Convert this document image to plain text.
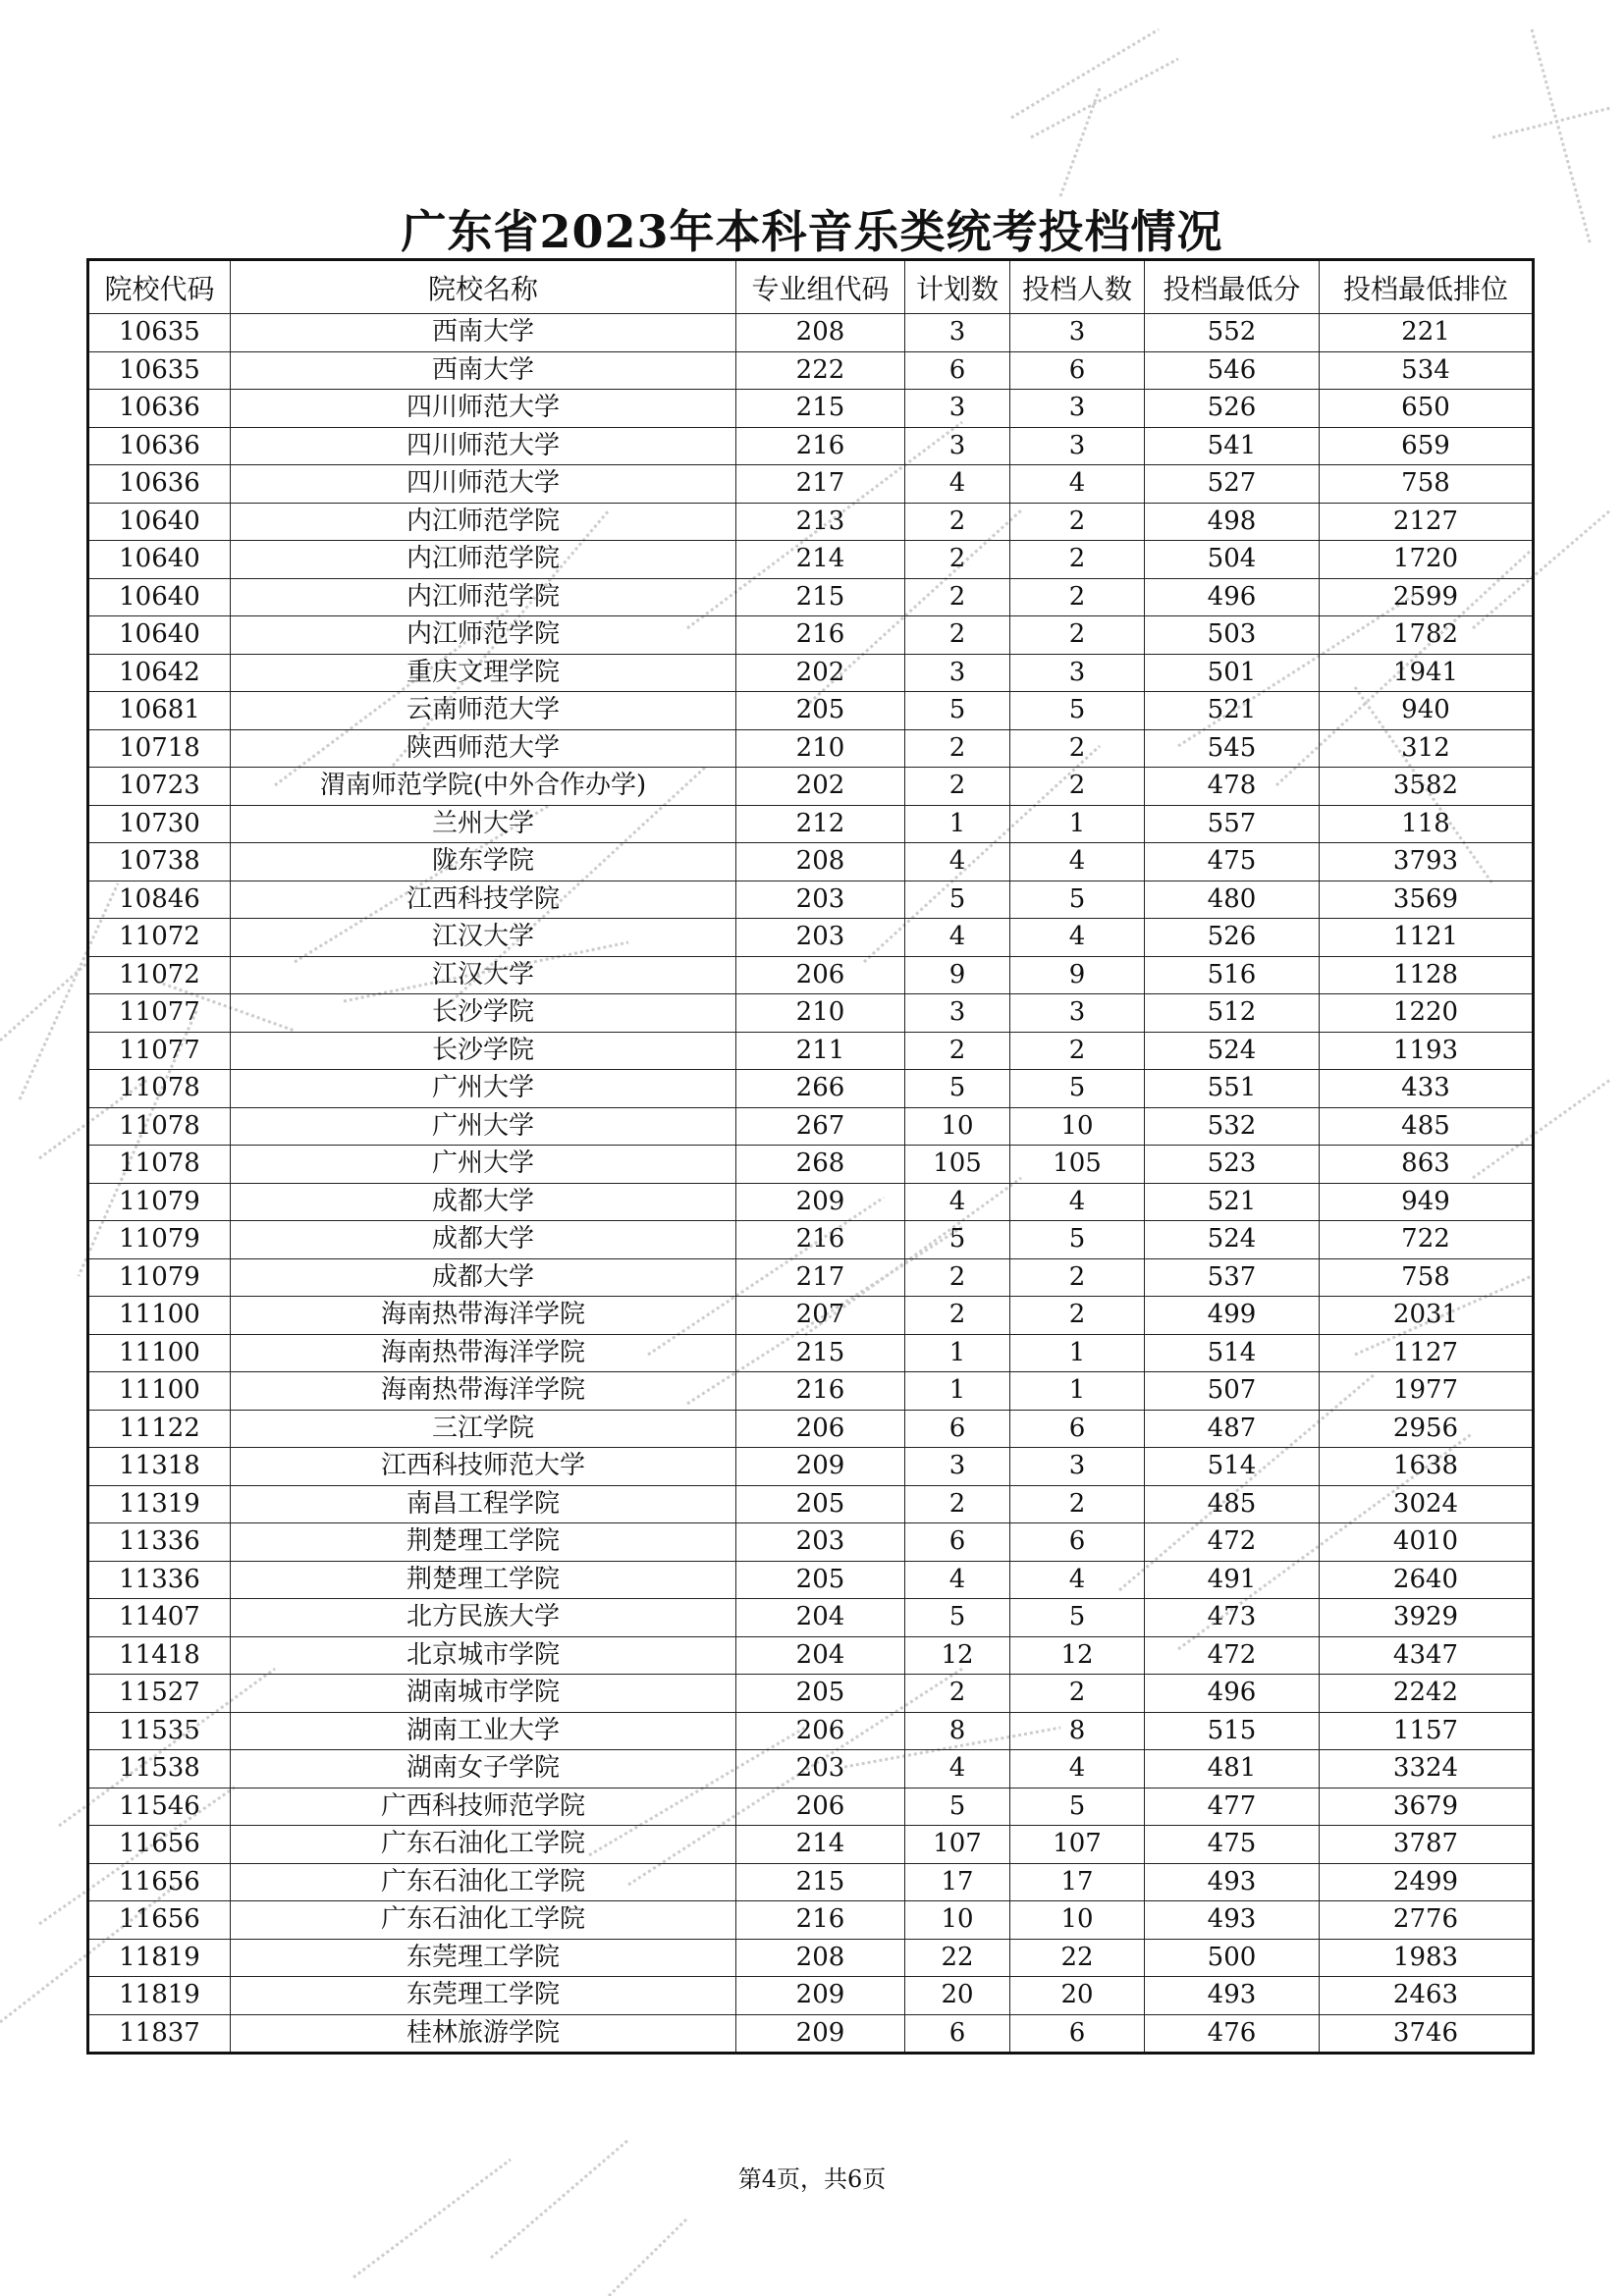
广东省2023年本科音乐类统考投档情况
院校代码	院校名称	专业组代码	计划数	投档人数	投档最低分	投档最低排位
10635	西南大学	208	3	3	552	221
10635	西南大学	222	6	6	546	534
10636	四川师范大学	215	3	3	526	650
10636	四川师范大学	216	3	3	541	659
10636	四川师范大学	217	4	4	527	758
10640	内江师范学院	213	2	2	498	2127
10640	内江师范学院	214	2	2	504	1720
10640	内江师范学院	215	2	2	496	2599
10640	内江师范学院	216	2	2	503	1782
10642	重庆文理学院	202	3	3	501	1941
10681	云南师范大学	205	5	5	521	940
10718	陕西师范大学	210	2	2	545	312
10723	渭南师范学院(中外合作办学)	202	2	2	478	3582
10730	兰州大学	212	1	1	557	118
10738	陇东学院	208	4	4	475	3793
10846	江西科技学院	203	5	5	480	3569
11072	江汉大学	203	4	4	526	1121
11072	江汉大学	206	9	9	516	1128
11077	长沙学院	210	3	3	512	1220
11077	长沙学院	211	2	2	524	1193
11078	广州大学	266	5	5	551	433
11078	广州大学	267	10	10	532	485
11078	广州大学	268	105	105	523	863
11079	成都大学	209	4	4	521	949
11079	成都大学	216	5	5	524	722
11079	成都大学	217	2	2	537	758
11100	海南热带海洋学院	207	2	2	499	2031
11100	海南热带海洋学院	215	1	1	514	1127
11100	海南热带海洋学院	216	1	1	507	1977
11122	三江学院	206	6	6	487	2956
11318	江西科技师范大学	209	3	3	514	1638
11319	南昌工程学院	205	2	2	485	3024
11336	荆楚理工学院	203	6	6	472	4010
11336	荆楚理工学院	205	4	4	491	2640
11407	北方民族大学	204	5	5	473	3929
11418	北京城市学院	204	12	12	472	4347
11527	湖南城市学院	205	2	2	496	2242
11535	湖南工业大学	206	8	8	515	1157
11538	湖南女子学院	203	4	4	481	3324
11546	广西科技师范学院	206	5	5	477	3679
11656	广东石油化工学院	214	107	107	475	3787
11656	广东石油化工学院	215	17	17	493	2499
11656	广东石油化工学院	216	10	10	493	2776
11819	东莞理工学院	208	22	22	500	1983
11819	东莞理工学院	209	20	20	493	2463
11837	桂林旅游学院	209	6	6	476	3746
第4页，共6页
